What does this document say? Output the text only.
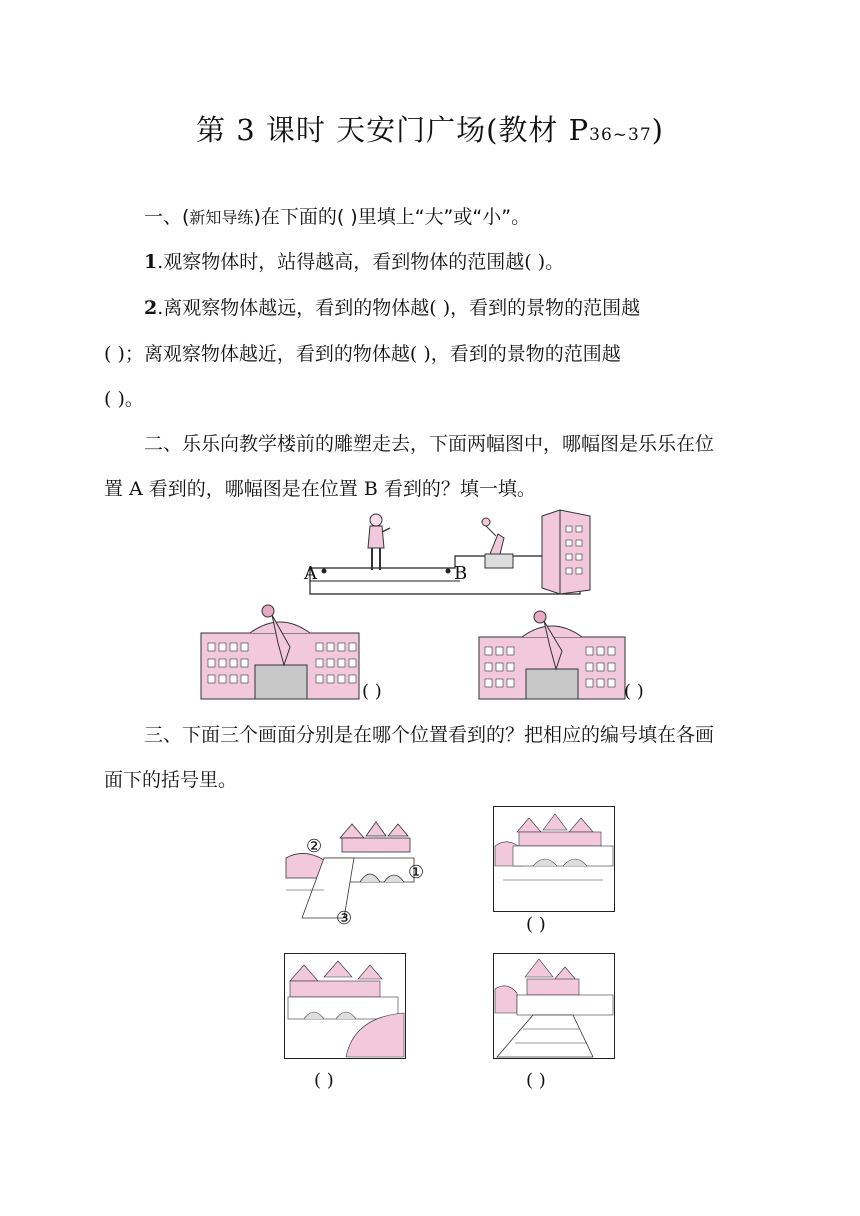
第 3 课时 天安门广场(教材 P36~37)
一、(新知导练)在下面的( )里填上“大”或“小”。
1.观察物体时，站得越高，看到物体的范围越( )。
2.离观察物体越远，看到的物体越( )，看到的景物的范围越
( )；离观察物体越近，看到的物体越( )，看到的景物的范围越
( )。
二、乐乐向教学楼前的雕塑走去，下面两幅图中，哪幅图是乐乐在位
置 A 看到的，哪幅图是在位置 B 看到的？填一填。
A	B
( )	( )
三、下面三个画面分别是在哪个位置看到的？把相应的编号填在各画
面下的括号里。
②
①
③	( )
( )	( )
